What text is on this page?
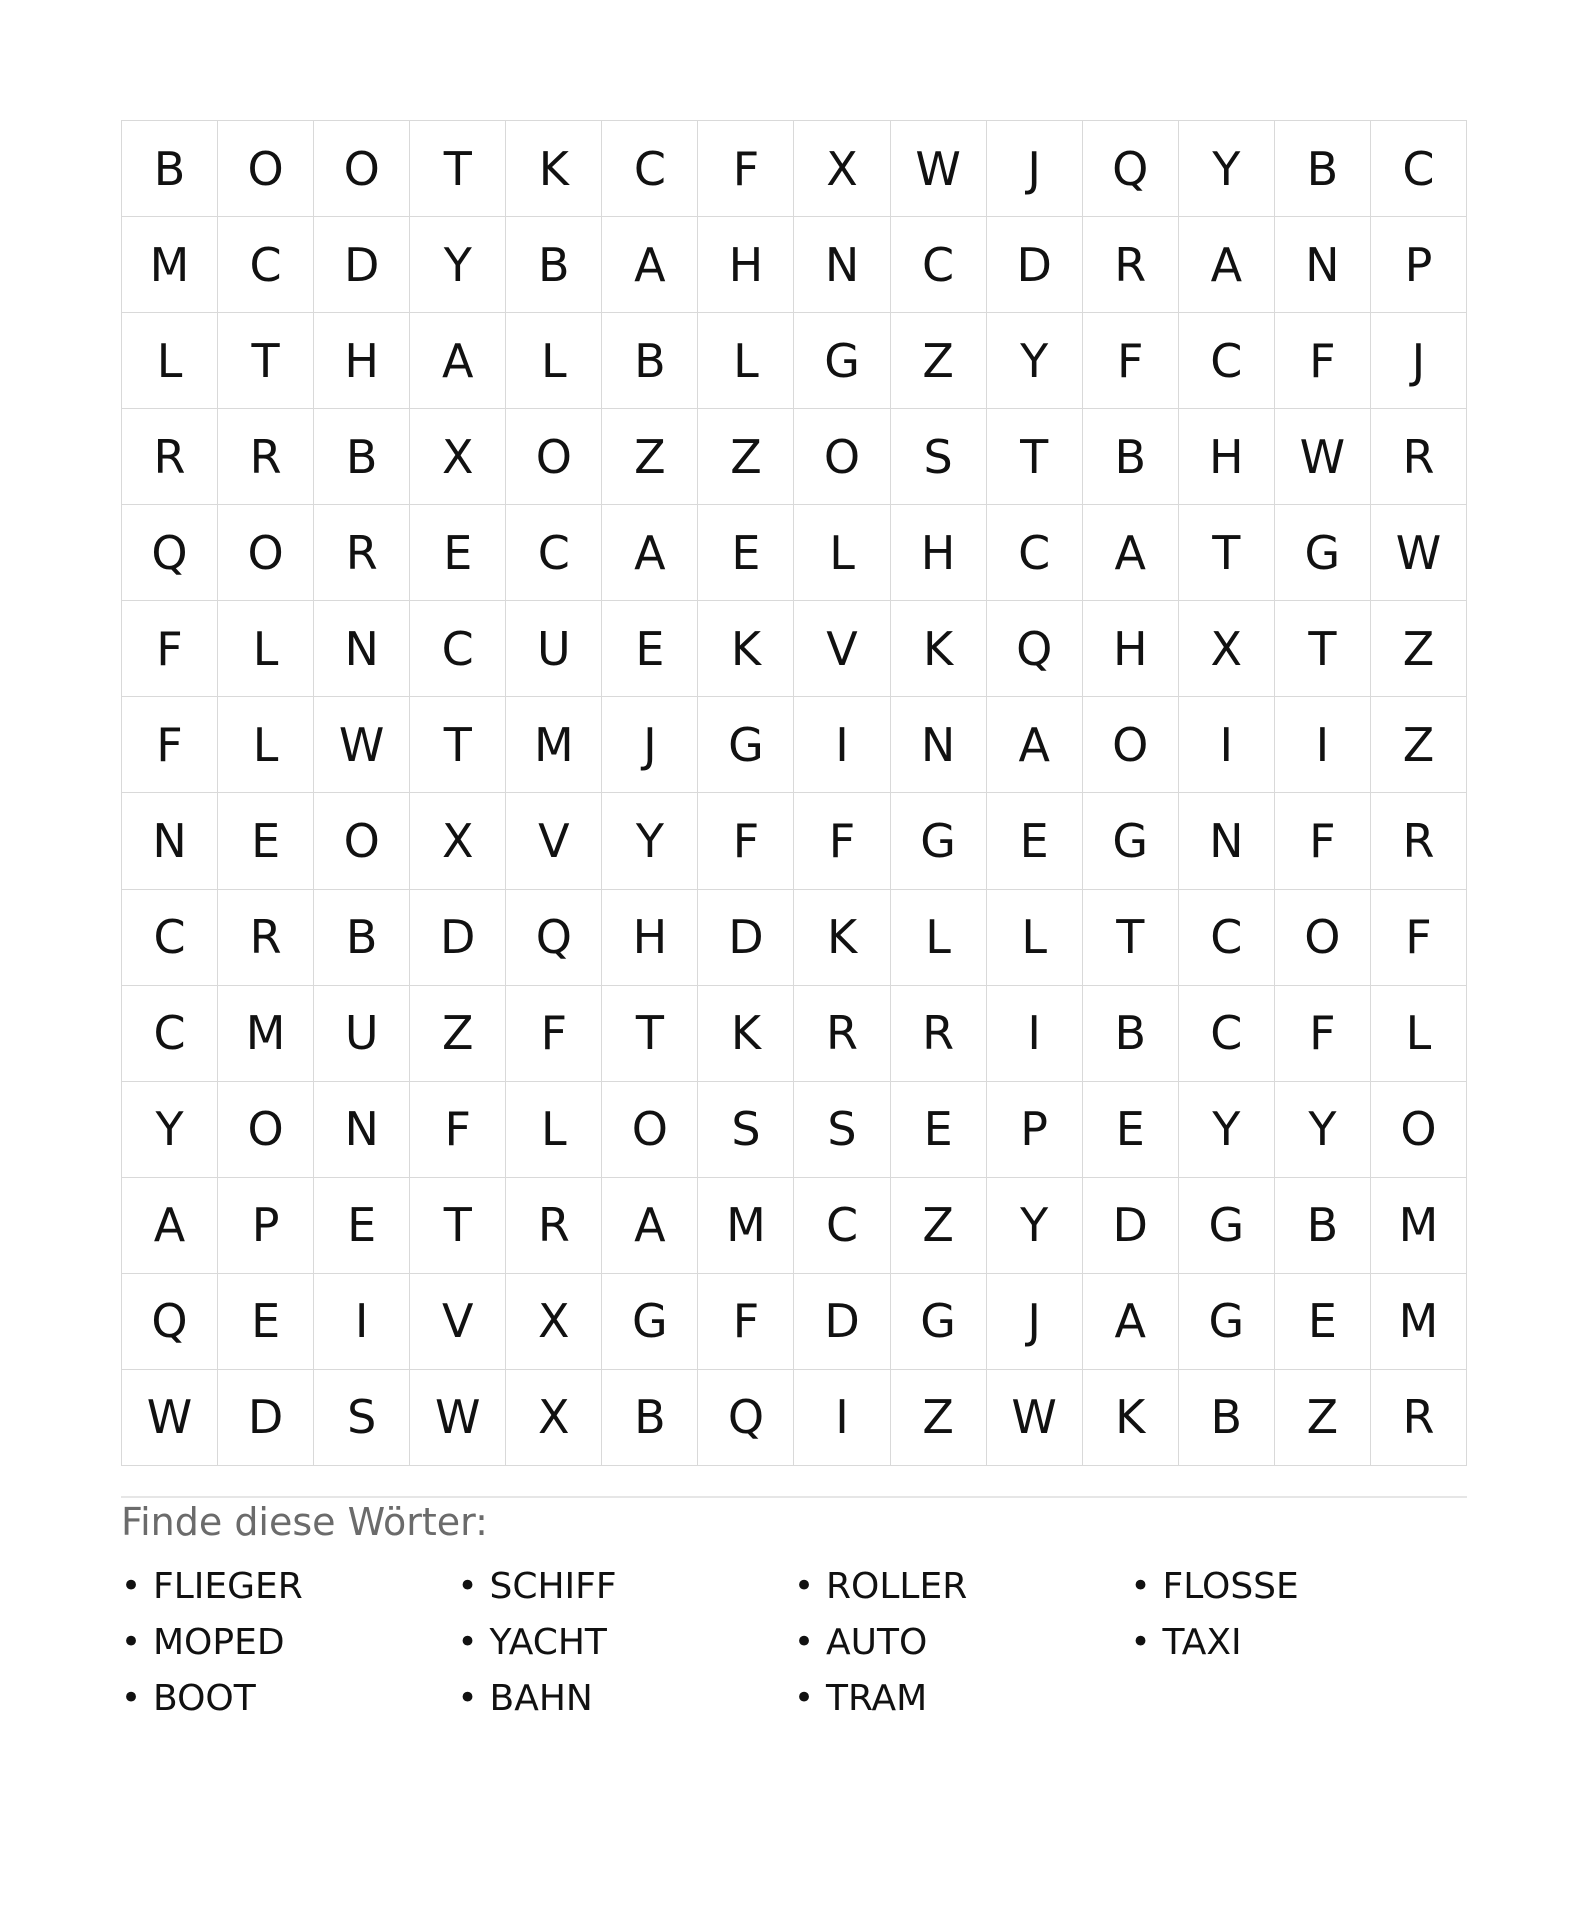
B	O	O	T	K	C	F	X	W	J	Q	Y	B	C
M	C	D	Y	B	A	H	N	C	D	R	A	N	P
L	T	H	A	L	B	L	G	Z	Y	F	C	F	J
R	R	B	X	O	Z	Z	O	S	T	B	H	W	R
Q	O	R	E	C	A	E	L	H	C	A	T	G	W
F	L	N	C	U	E	K	V	K	Q	H	X	T	Z
F	L	W	T	M	J	G	I	N	A	O	I	I	Z
N	E	O	X	V	Y	F	F	G	E	G	N	F	R
C	R	B	D	Q	H	D	K	L	L	T	C	O	F
C	M	U	Z	F	T	K	R	R	I	B	C	F	L
Y	O	N	F	L	O	S	S	E	P	E	Y	Y	O
A	P	E	T	R	A	M	C	Z	Y	D	G	B	M
Q	E	I	V	X	G	F	D	G	J	A	G	E	M
W	D	S	W	X	B	Q	I	Z	W	K	B	Z	R
Finde diese Wörter:
• FLIEGER
• MOPED
• BOOT
• SCHIFF
• YACHT
• BAHN
• ROLLER
• AUTO
• TRAM
• FLOSSE
• TAXI
